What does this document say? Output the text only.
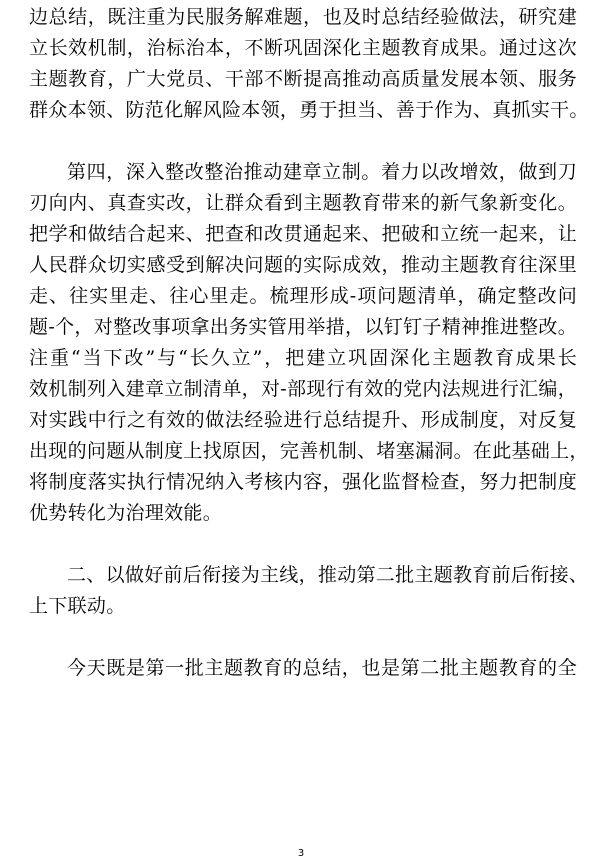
边总结，既注重为民服务解难题，也及时总结经验做法，研究建
立长效机制，治标治本，不断巩固深化主题教育成果。通过这次
主题教育，广大党员、干部不断提高推动高质量发展本领、服务
群众本领、防范化解风险本领，勇于担当、善于作为、真抓实干。
第四，深入整改整治推动建章立制。着力以改增效，做到刀
刃向内、真查实改，让群众看到主题教育带来的新气象新变化。
把学和做结合起来、把查和改贯通起来、把破和立统一起来，让
人民群众切实感受到解决问题的实际成效，推动主题教育往深里
走、往实里走、往心里走。梳理形成-项问题清单，确定整改问
题-个，对整改事项拿出务实管用举措，以钉钉子精神推进整改。
注重“当下改”与“长久立”，把建立巩固深化主题教育成果长
效机制列入建章立制清单，对-部现行有效的党内法规进行汇编，
对实践中行之有效的做法经验进行总结提升、形成制度，对反复
出现的问题从制度上找原因，完善机制、堵塞漏洞。在此基础上，
将制度落实执行情况纳入考核内容，强化监督检查，努力把制度
优势转化为治理效能。
二、以做好前后衔接为主线，推动第二批主题教育前后衔接、
上下联动。
今天既是第一批主题教育的总结，也是第二批主题教育的全
3
